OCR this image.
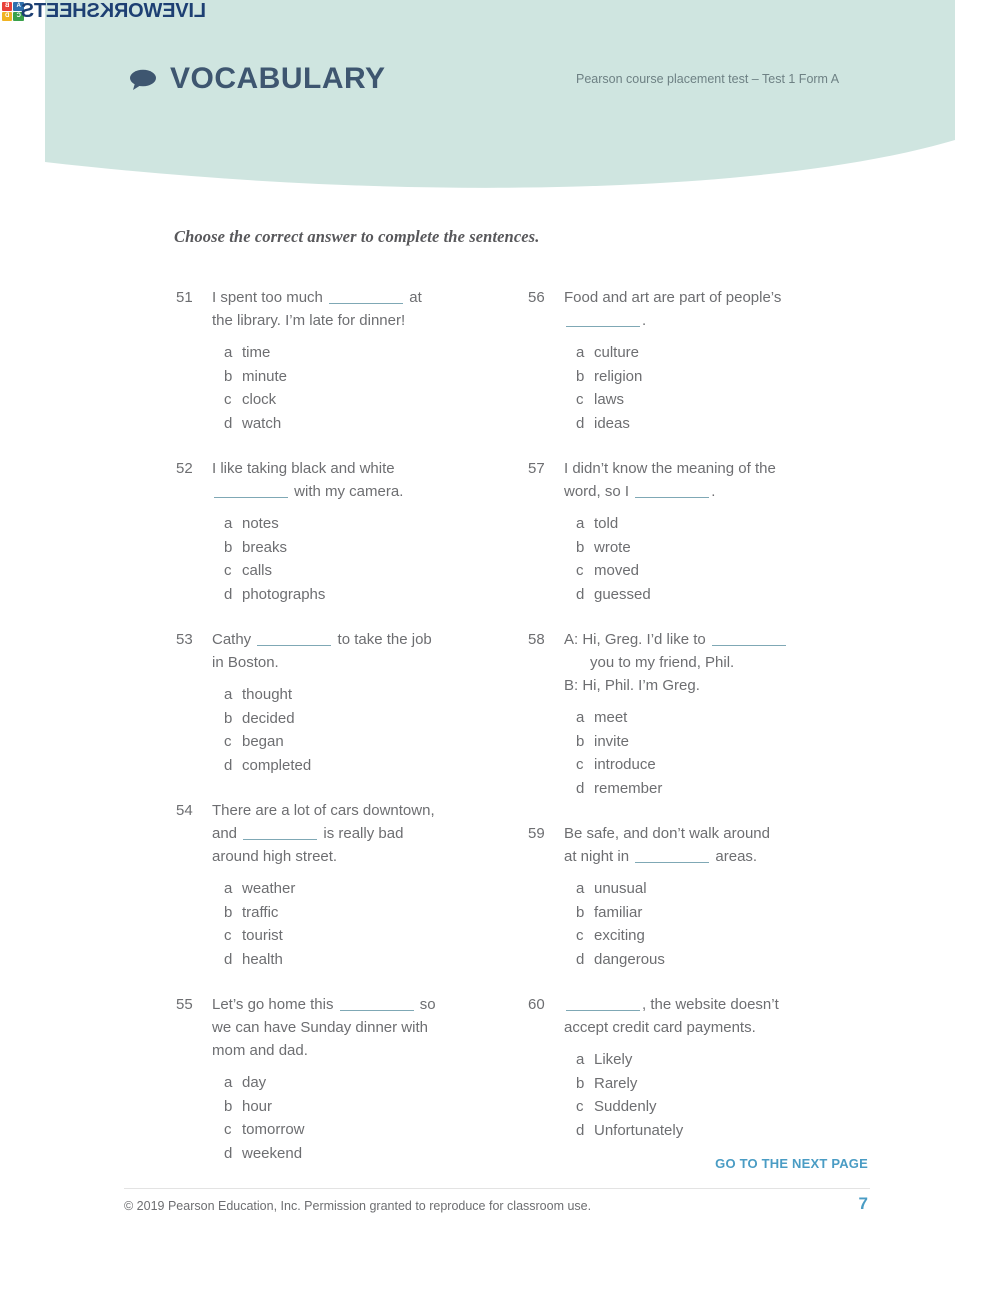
A
B
C
D LIVEWORKSHEETS
VOCABULARY	Pearson course placement test – Test 1 Form A
Choose the correct answer to complete the sentences.
51	I spent too much	at
the library. I’m late for dinner!
a time
b minute
c clock
d watch
52	I like taking black and white
with my camera.
a notes
b breaks
c calls
d photographs
53	Cathy	to take the job
in Boston.
a thought
b decided
c began
d completed
54	There are a lot of cars downtown,
and	is really bad
around high street.
a weather
b traffic
c tourist
d health
55	Let’s go home this	so
we can have Sunday dinner with
mom and dad.
a day
b hour
c tomorrow
d weekend
56	Food and art are part of people’s
.
a culture
b religion
c laws
d ideas
57	I didn’t know the meaning of the
word, so I	.
a told
b wrote
c moved
d guessed
58	A: Hi, Greg. I’d like to
you to my friend, Phil.
B: Hi, Phil. I’m Greg.
a meet
b invite
c introduce
d remember
59	Be safe, and don’t walk around
at night in	areas.
a unusual
b familiar
c exciting
d dangerous
60	, the website doesn’t
accept credit card payments.
a Likely
b Rarely
c Suddenly
d Unfortunately
GO TO THE NEXT PAGE
© 2019 Pearson Education, Inc. Permission granted to reproduce for classroom use.	7
